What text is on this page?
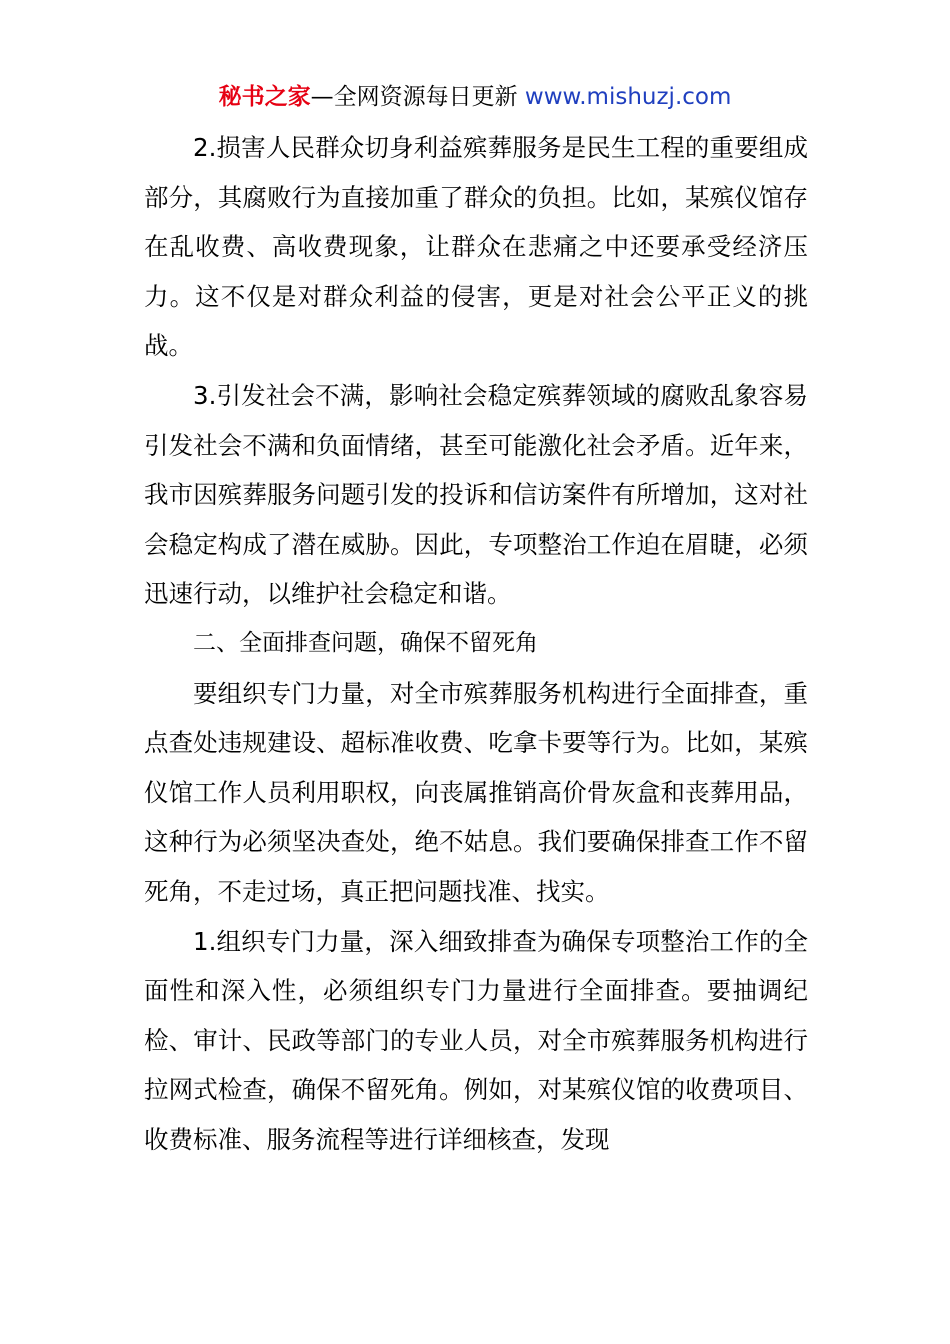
秘书之家—全网资源每日更新 www.mishuzj.com

2.损害人民群众切身利益殡葬服务是民生工程的重要组成部分，其腐败行为直接加重了群众的负担。比如，某殡仪馆存在乱收费、高收费现象，让群众在悲痛之中还要承受经济压力。这不仅是对群众利益的侵害，更是对社会公平正义的挑战。

3.引发社会不满，影响社会稳定殡葬领域的腐败乱象容易引发社会不满和负面情绪，甚至可能激化社会矛盾。近年来，我市因殡葬服务问题引发的投诉和信访案件有所增加，这对社会稳定构成了潜在威胁。因此，专项整治工作迫在眉睫，必须迅速行动，以维护社会稳定和谐。

二、全面排查问题，确保不留死角

要组织专门力量，对全市殡葬服务机构进行全面排查，重点查处违规建设、超标准收费、吃拿卡要等行为。比如，某殡仪馆工作人员利用职权，向丧属推销高价骨灰盒和丧葬用品，这种行为必须坚决查处，绝不姑息。我们要确保排查工作不留死角，不走过场，真正把问题找准、找实。

1.组织专门力量，深入细致排查为确保专项整治工作的全面性和深入性，必须组织专门力量进行全面排查。要抽调纪检、审计、民政等部门的专业人员，对全市殡葬服务机构进行拉网式检查，确保不留死角。例如，对某殡仪馆的收费项目、收费标准、服务流程等进行详细核查，发现
